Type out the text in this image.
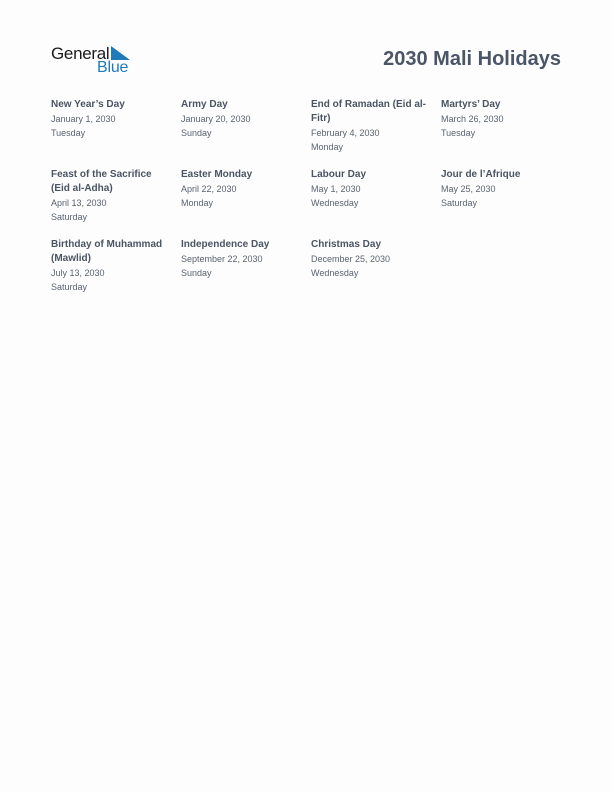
General
Blue	2030 Mali Holidays
New Year’s Day
January 1, 2030
Tuesday
Army Day
January 20, 2030
Sunday
End of Ramadan (Eid al-Fitr)
February 4, 2030
Monday
Martyrs’ Day
March 26, 2030
Tuesday
Feast of the Sacrifice (Eid al-Adha)
April 13, 2030
Saturday
Easter Monday
April 22, 2030
Monday
Labour Day
May 1, 2030
Wednesday
Jour de l’Afrique
May 25, 2030
Saturday
Birthday of Muhammad (Mawlid)
July 13, 2030
Saturday
Independence Day
September 22, 2030
Sunday
Christmas Day
December 25, 2030
Wednesday
